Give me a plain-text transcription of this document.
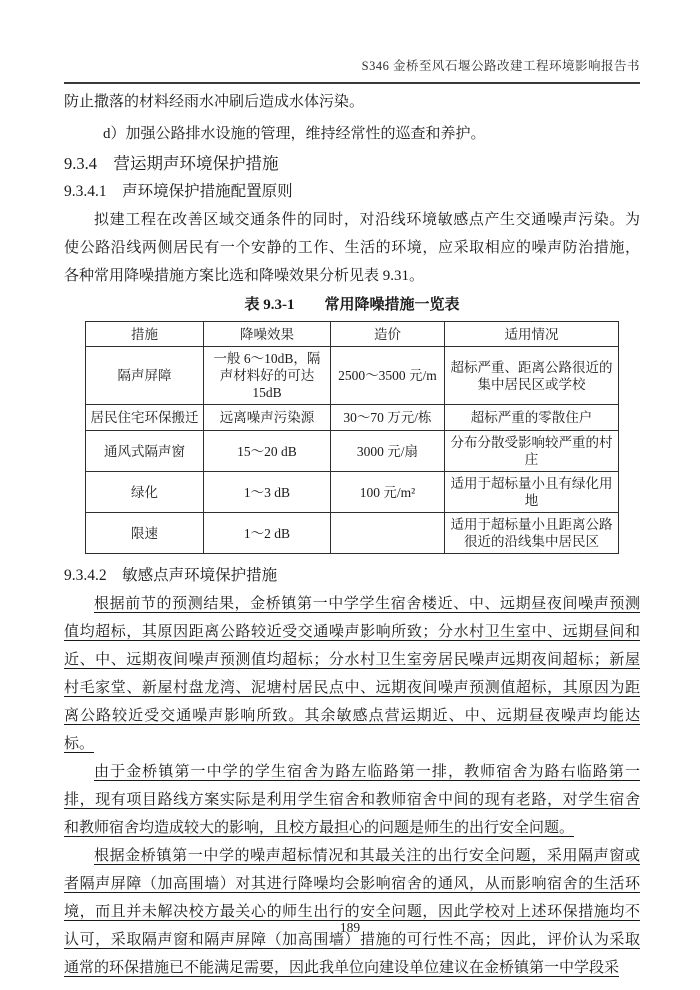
S346 金桥至风石堰公路改建工程环境影响报告书
防止撒落的材料经雨水冲刷后造成水体污染。
d）加强公路排水设施的管理，维持经常性的巡查和养护。
9.3.4　营运期声环境保护措施
9.3.4.1　声环境保护措施配置原则
拟建工程在改善区域交通条件的同时，对沿线环境敏感点产生交通噪声污染。为
使公路沿线两侧居民有一个安静的工作、生活的环境，应采取相应的噪声防治措施，
各种常用降噪措施方案比选和降噪效果分析见表 9.31。
表 9.3-1　　常用降噪措施一览表
措施	降噪效果	造价	适用情况
隔声屏障	一般 6～10dB，隔声材料好的可达 15dB	2500～3500 元/m	超标严重、距离公路很近的集中居民区或学校
居民住宅环保搬迁	远离噪声污染源	30～70 万元/栋	超标严重的零散住户
通风式隔声窗	15～20 dB	3000 元/扇	分布分散受影响较严重的村庄
绿化	1～3 dB	100 元/m²	适用于超标量小且有绿化用地
限速	1～2 dB		适用于超标量小且距离公路很近的沿线集中居民区
9.3.4.2　敏感点声环境保护措施
根据前节的预测结果，金桥镇第一中学学生宿舍楼近、中、远期昼夜间噪声预测
值均超标，其原因距离公路较近受交通噪声影响所致；分水村卫生室中、远期昼间和
近、中、远期夜间噪声预测值均超标；分水村卫生室旁居民噪声远期夜间超标；新屋
村毛家堂、新屋村盘龙湾、泥塘村居民点中、远期夜间噪声预测值超标，其原因为距
离公路较近受交通噪声影响所致。其余敏感点营运期近、中、远期昼夜噪声均能达
标。
由于金桥镇第一中学的学生宿舍为路左临路第一排，教师宿舍为路右临路第一
排，现有项目路线方案实际是利用学生宿舍和教师宿舍中间的现有老路，对学生宿舍
和教师宿舍均造成较大的影响，且校方最担心的问题是师生的出行安全问题。
根据金桥镇第一中学的噪声超标情况和其最关注的出行安全问题，采用隔声窗或
者隔声屏障（加高围墙）对其进行降噪均会影响宿舍的通风，从而影响宿舍的生活环
境，而且并未解决校方最关心的师生出行的安全问题，因此学校对上述环保措施均不
认可，采取隔声窗和隔声屏障（加高围墙）措施的可行性不高；因此，评价认为采取
通常的环保措施已不能满足需要，因此我单位向建设单位建议在金桥镇第一中学段采
189
